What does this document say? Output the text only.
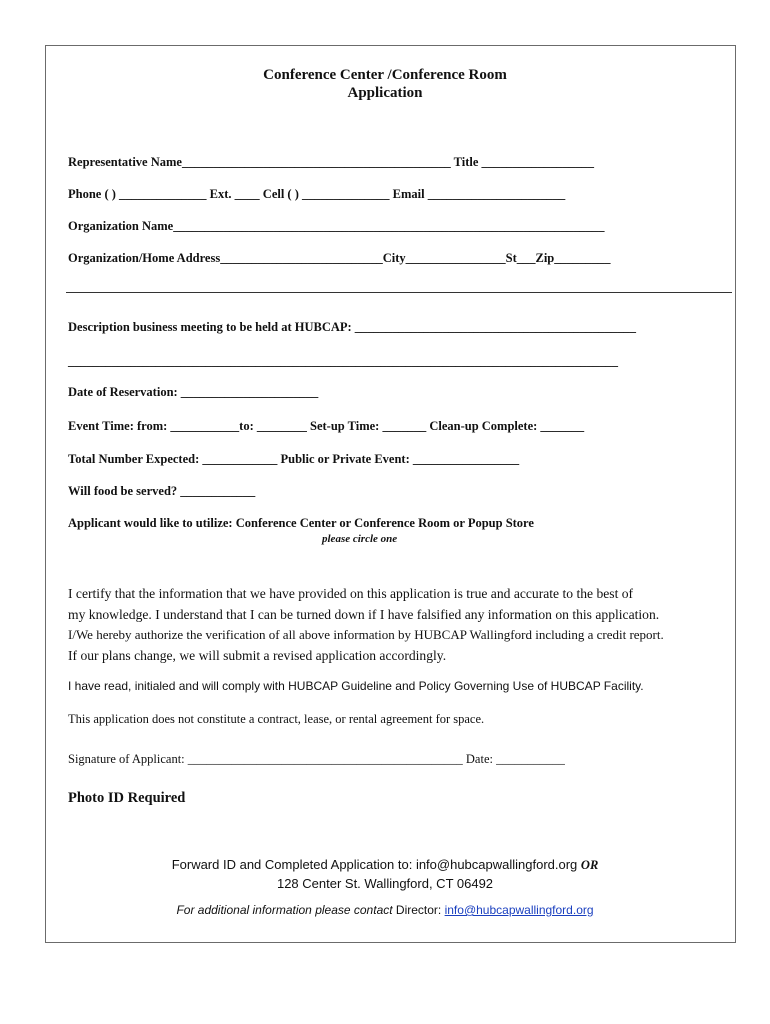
Conference Center /Conference Room
Application
Representative Name___________________________________________ Title __________________
Phone ( ) ______________ Ext. ____ Cell ( ) ______________ Email ______________________
Organization Name_____________________________________________________________________
Organization/Home Address__________________________City________________St___Zip_________
Description business meeting to be held at HUBCAP: _____________________________________________
________________________________________________________________________________________
Date of Reservation: ______________________
Event Time: from: ___________to: ________ Set-up Time: _______ Clean-up Complete: _______
Total Number Expected: ____________ Public or Private Event: _________________
Will food be served? ____________
Applicant would like to utilize: Conference Center or Conference Room or Popup Store
please circle one
I certify that the information that we have provided on this application is true and accurate to the best of
my knowledge. I understand that I can be turned down if I have falsified any information on this application.
I/We hereby authorize the verification of all above information by HUBCAP Wallingford including a credit report.
If our plans change, we will submit a revised application accordingly.
I have read, initialed and will comply with HUBCAP Guideline and Policy Governing Use of HUBCAP Facility.
This application does not constitute a contract, lease, or rental agreement for space.
Signature of Applicant: ____________________________________________ Date: ___________
Photo ID Required
Forward ID and Completed Application to: info@hubcapwallingford.org OR
128 Center St. Wallingford, CT 06492
For additional information please contact Director: info@hubcapwallingford.org
